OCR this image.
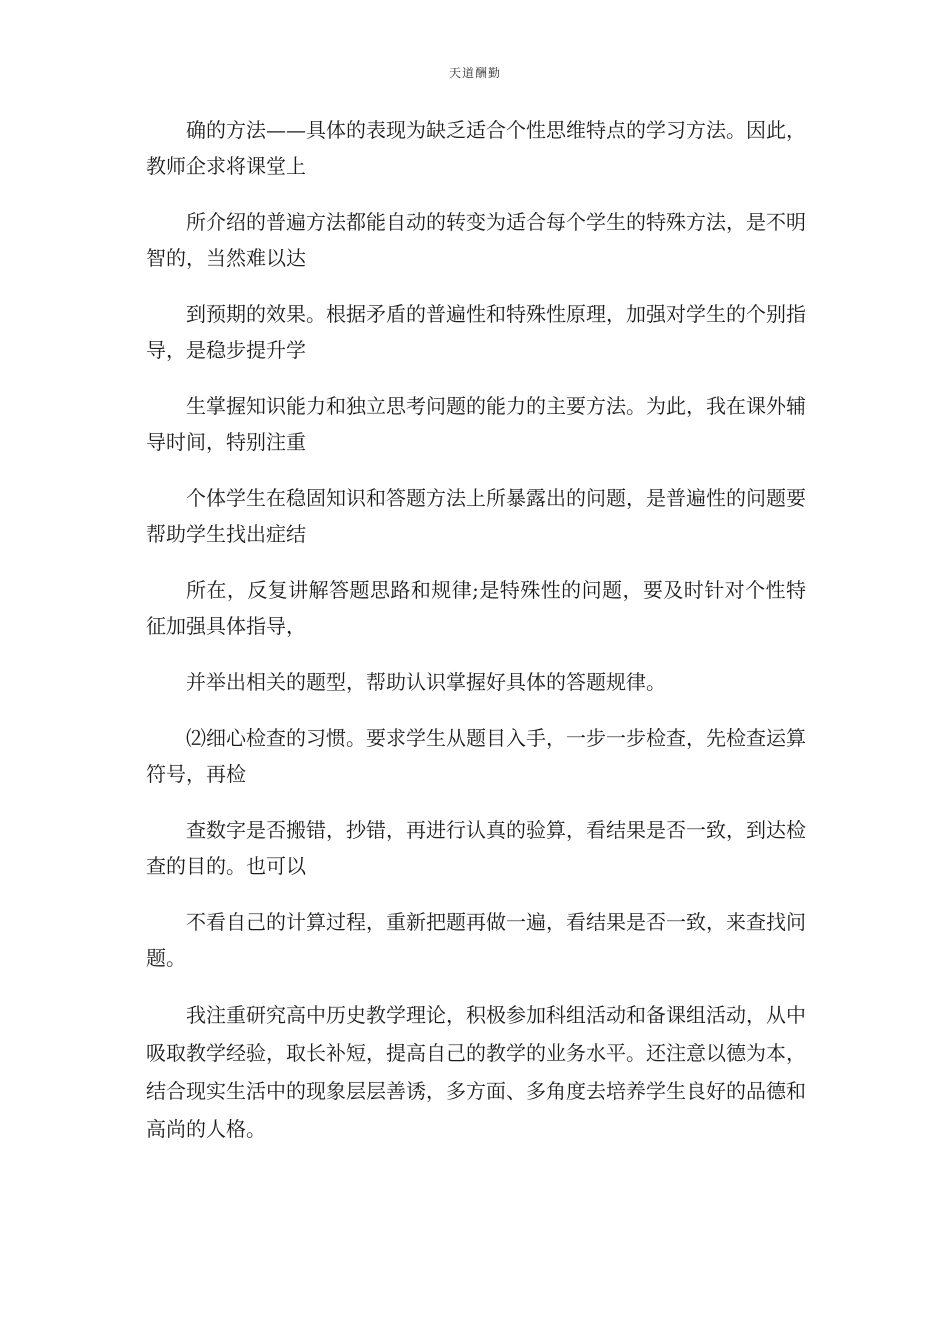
天道酬勤

确的方法——具体的表现为缺乏适合个性思维特点的学习方法。因此，教师企求将课堂上

所介绍的普遍方法都能自动的转变为适合每个学生的特殊方法，是不明智的，当然难以达

到预期的效果。根据矛盾的普遍性和特殊性原理，加强对学生的个别指导，是稳步提升学

生掌握知识能力和独立思考问题的能力的主要方法。为此，我在课外辅导时间，特别注重

个体学生在稳固知识和答题方法上所暴露出的问题，是普遍性的问题要帮助学生找出症结

所在，反复讲解答题思路和规律;是特殊性的问题，要及时针对个性特征加强具体指导，

并举出相关的题型，帮助认识掌握好具体的答题规律。

⑵细心检查的习惯。要求学生从题目入手，一步一步检查，先检查运算符号，再检

查数字是否搬错，抄错，再进行认真的验算，看结果是否一致，到达检查的目的。也可以

不看自己的计算过程，重新把题再做一遍，看结果是否一致，来查找问题。

我注重研究高中历史教学理论，积极参加科组活动和备课组活动，从中吸取教学经验，取长补短，提高自己的教学的业务水平。还注意以德为本，结合现实生活中的现象层层善诱，多方面、多角度去培养学生良好的品德和高尚的人格。
